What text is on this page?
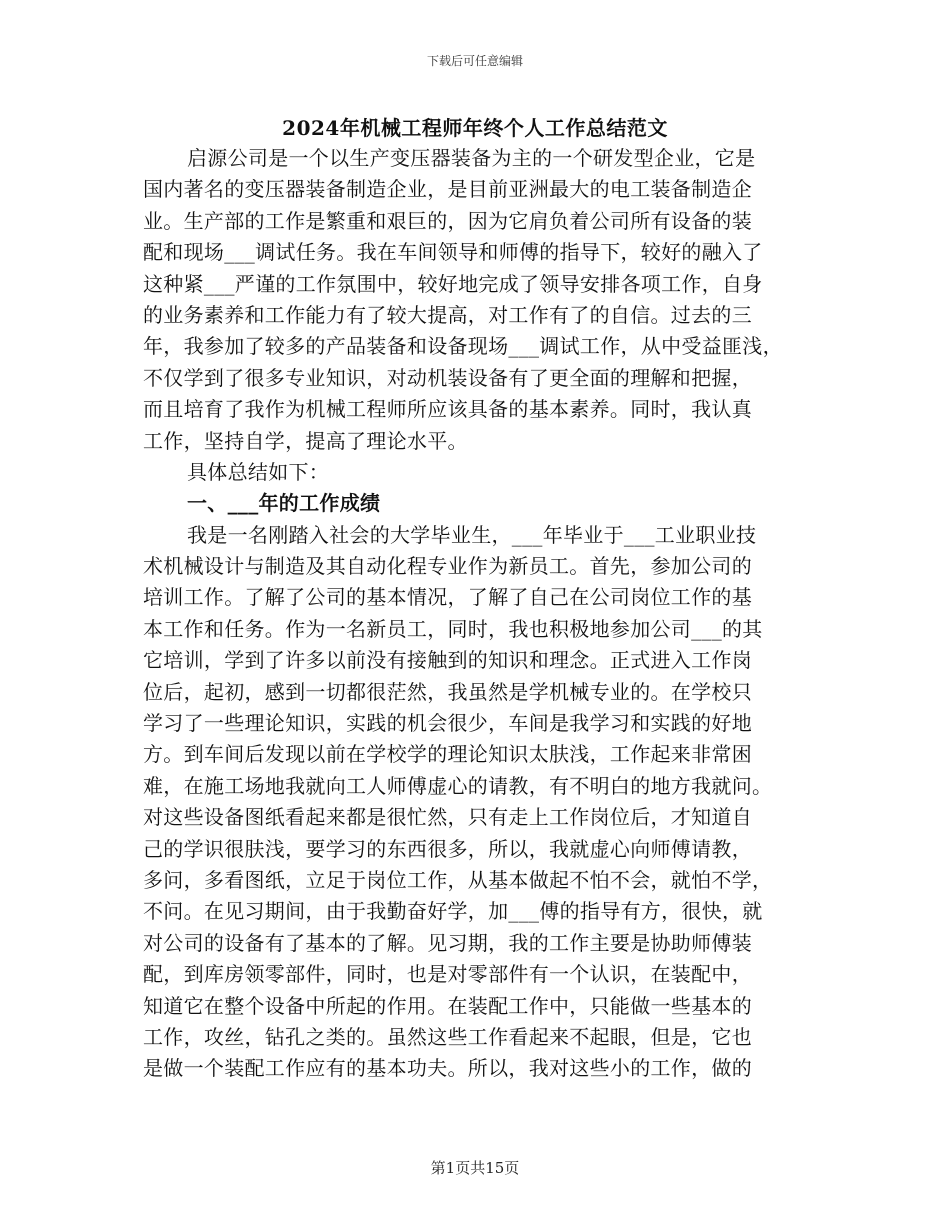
下载后可任意编辑
2024年机械工程师年终个人工作总结范文
启源公司是一个以生产变压器装备为主的一个研发型企业，它是
国内著名的变压器装备制造企业，是目前亚洲最大的电工装备制造企
业。生产部的工作是繁重和艰巨的，因为它肩负着公司所有设备的装
配和现场___调试任务。我在车间领导和师傅的指导下，较好的融入了
这种紧___严谨的工作氛围中，较好地完成了领导安排各项工作，自身
的业务素养和工作能力有了较大提高，对工作有了的自信。过去的三
年，我参加了较多的产品装备和设备现场___调试工作，从中受益匪浅，
不仅学到了很多专业知识，对动机装设备有了更全面的理解和把握，
而且培育了我作为机械工程师所应该具备的基本素养。同时，我认真
工作，坚持自学，提高了理论水平。
具体总结如下：
一、___年的工作成绩
我是一名刚踏入社会的大学毕业生，___年毕业于___工业职业技
术机械设计与制造及其自动化程专业作为新员工。首先，参加公司的
培训工作。了解了公司的基本情况，了解了自己在公司岗位工作的基
本工作和任务。作为一名新员工，同时，我也积极地参加公司___的其
它培训，学到了许多以前没有接触到的知识和理念。正式进入工作岗
位后，起初，感到一切都很茫然，我虽然是学机械专业的。在学校只
学习了一些理论知识，实践的机会很少，车间是我学习和实践的好地
方。到车间后发现以前在学校学的理论知识太肤浅，工作起来非常困
难，在施工场地我就向工人师傅虚心的请教，有不明白的地方我就问。
对这些设备图纸看起来都是很忙然，只有走上工作岗位后，才知道自
己的学识很肤浅，要学习的东西很多，所以，我就虚心向师傅请教，
多问，多看图纸，立足于岗位工作，从基本做起不怕不会，就怕不学，
不问。在见习期间，由于我勤奋好学，加___傅的指导有方，很快，就
对公司的设备有了基本的了解。见习期，我的工作主要是协助师傅装
配，到库房领零部件，同时，也是对零部件有一个认识，在装配中，
知道它在整个设备中所起的作用。在装配工作中，只能做一些基本的
工作，攻丝，钻孔之类的。虽然这些工作看起来不起眼，但是，它也
是做一个装配工作应有的基本功夫。所以，我对这些小的工作，做的
第1页共15页
